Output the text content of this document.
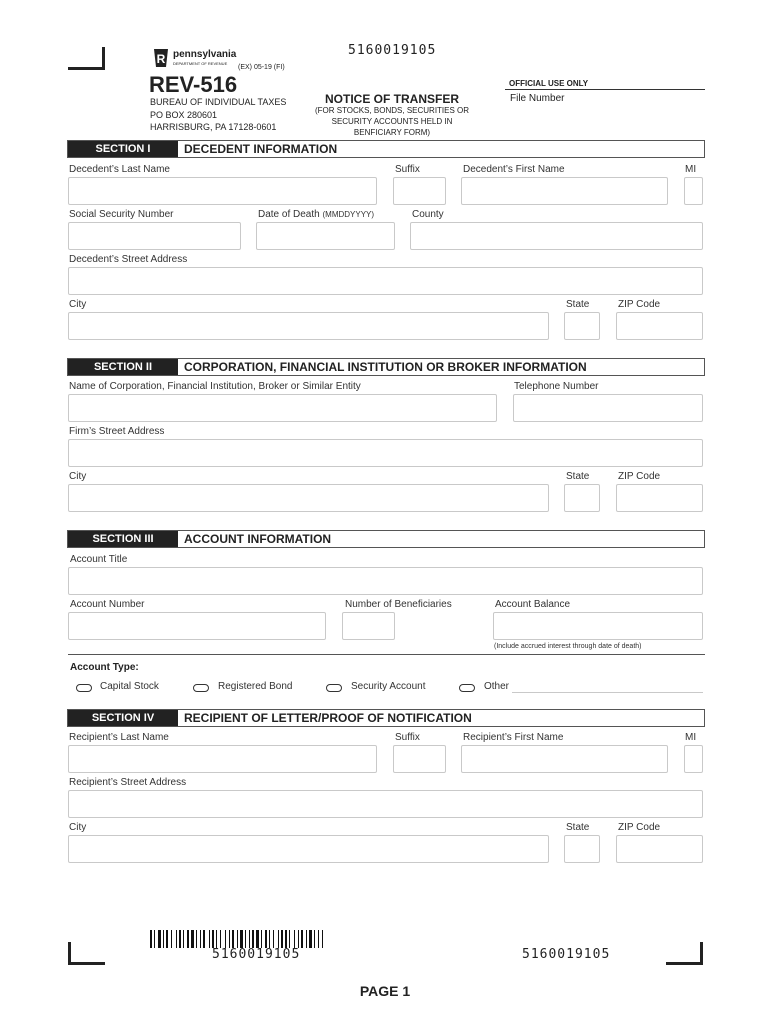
5160019105
R pennsylvania
DEPARTMENT OF REVENUE
(EX) 05-19 (FI)
REV-516
BUREAU OF INDIVIDUAL TAXES
PO BOX 280601
HARRISBURG, PA 17128-0601
NOTICE OF TRANSFER
(FOR STOCKS, BONDS, SECURITIES OR
SECURITY ACCOUNTS HELD IN
BENFICIARY FORM)
OFFICIAL USE ONLY
File Number
SECTION I	DECEDENT INFORMATION
Decedent’s Last Name	Suffix	Decedent’s First Name	MI
Social Security Number	Date of Death (MMDDYYYY)	County
Decedent’s Street Address
City	State	ZIP Code
SECTION II	CORPORATION, FINANCIAL INSTITUTION OR BROKER INFORMATION
Name of Corporation, Financial Institution, Broker or Similar Entity	Telephone Number
Firm’s Street Address
City	State	ZIP Code
SECTION III	ACCOUNT INFORMATION
Account Title
Account Number	Number of Beneficiaries	Account Balance
(Include accrued interest through date of death)
Account Type:
Capital Stock	Registered Bond	Security Account	Other
SECTION IV	RECIPIENT OF LETTER/PROOF OF NOTIFICATION
Recipient’s Last Name	Suffix	Recipient’s First Name	MI
Recipient’s Street Address
City	State	ZIP Code
5160019105	5160019105
PAGE 1
